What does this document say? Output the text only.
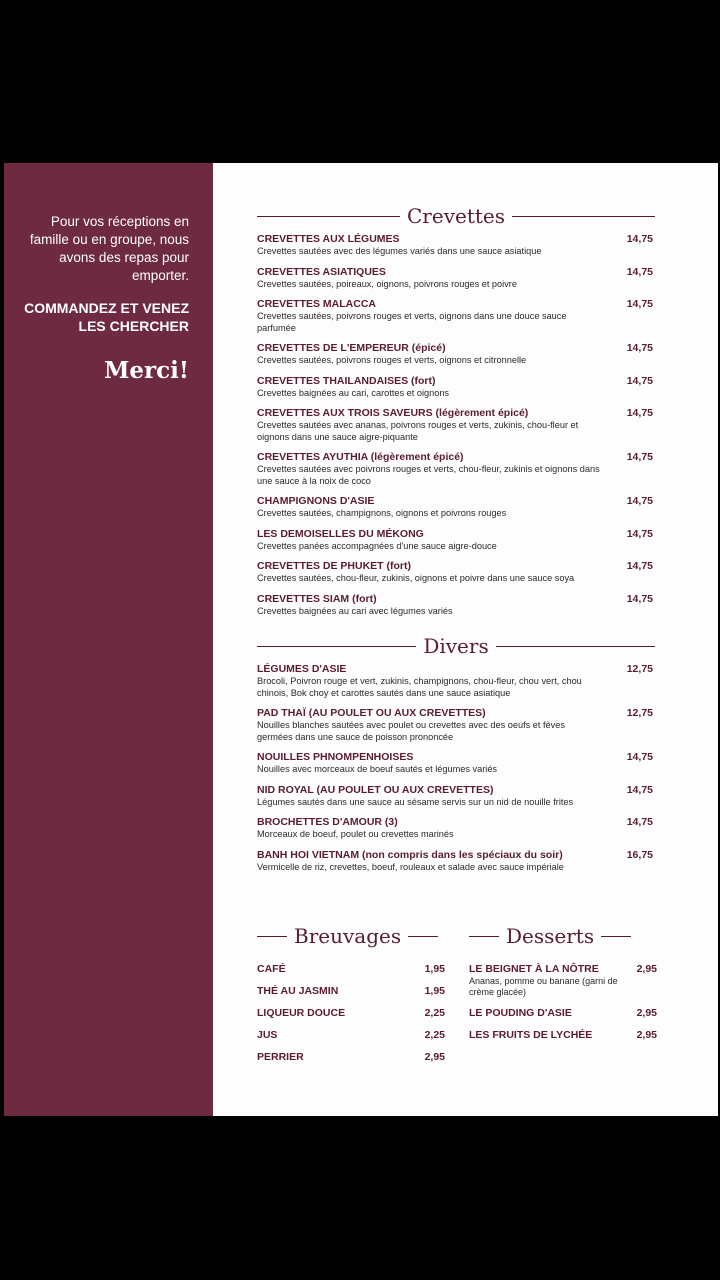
Pour vos réceptions en famille ou en groupe, nous avons des repas pour emporter.

COMMANDEZ ET VENEZ LES CHERCHER

Merci!

Crevettes
CREVETTES AUX LÉGUMES
Crevettes sautées avec des légumes variés dans une sauce asiatique
14,75
CREVETTES ASIATIQUES
Crevettes sautées, poireaux, oignons, poivrons rouges et poivre
14,75
CREVETTES MALACCA
Crevettes sautées, poivrons rouges et verts, oignons dans une douce sauce parfumée
14,75
CREVETTES DE L'EMPEREUR (épicé)
Crevettes sautées, poivrons rouges et verts, oignons et citronnelle
14,75
CREVETTES THAILANDAISES (fort)
Crevettes baignées au cari, carottes et oignons
14,75
CREVETTES AUX TROIS SAVEURS (légèrement épicé)
Crevettes sautées avec ananas, poivrons rouges et verts, zukinis, chou-fleur et oignons dans une sauce aigre-piquante
14,75
CREVETTES AYUTHIA (légèrement épicé)
Crevettes sautées avec poivrons rouges et verts, chou-fleur, zukinis et oignons dans une sauce à la noix de coco
14,75
CHAMPIGNONS D'ASIE
Crevettes sautées, champignons, oignons et poivrons rouges
14,75
LES DEMOISELLES DU MÉKONG
Crevettes panées accompagnées d'une sauce aigre-douce
14,75
CREVETTES DE PHUKET (fort)
Crevettes sautées, chou-fleur, zukinis, oignons et poivre dans une sauce soya
14,75
CREVETTES SIAM (fort)
Crevettes baignées au cari avec légumes variés
14,75
Divers
LÉGUMES D'ASIE
Brocoli, Poivron rouge et vert, zukinis, champignons, chou-fleur, chou vert, chou chinois, Bok choy et carottes sautés dans une sauce asiatique
12,75
PAD THAÏ (AU POULET OU AUX CREVETTES)
Nouilles blanches sautées avec poulet ou crevettes avec des oeufs et fèves germées dans une sauce de poisson prononcée
12,75
NOUILLES PHNOMPENHOISES
Nouilles avec morceaux de boeuf sautés et légumes variés
14,75
NID ROYAL (AU POULET OU AUX CREVETTES)
Légumes sautés dans une sauce au sésame servis sur un nid de nouille frites
14,75
BROCHETTES D'AMOUR (3)
Morceaux de boeuf, poulet ou crevettes marinés
14,75
BANH HOI VIETNAM (non compris dans les spéciaux du soir)
Vermicelle de riz, crevettes, boeuf, rouleaux et salade avec sauce impériale
16,75
Breuvages
CAFÉ	1,95
THÉ AU JASMIN	1,95
LIQUEUR DOUCE	2,25
JUS	2,25
PERRIER	2,95
Desserts
LE BEIGNET À LA NÔTRE
Ananas, pomme ou banane (garni de crème glacée)
2,95
LE POUDING D'ASIE	2,95
LES FRUITS DE LYCHÉE	2,95
